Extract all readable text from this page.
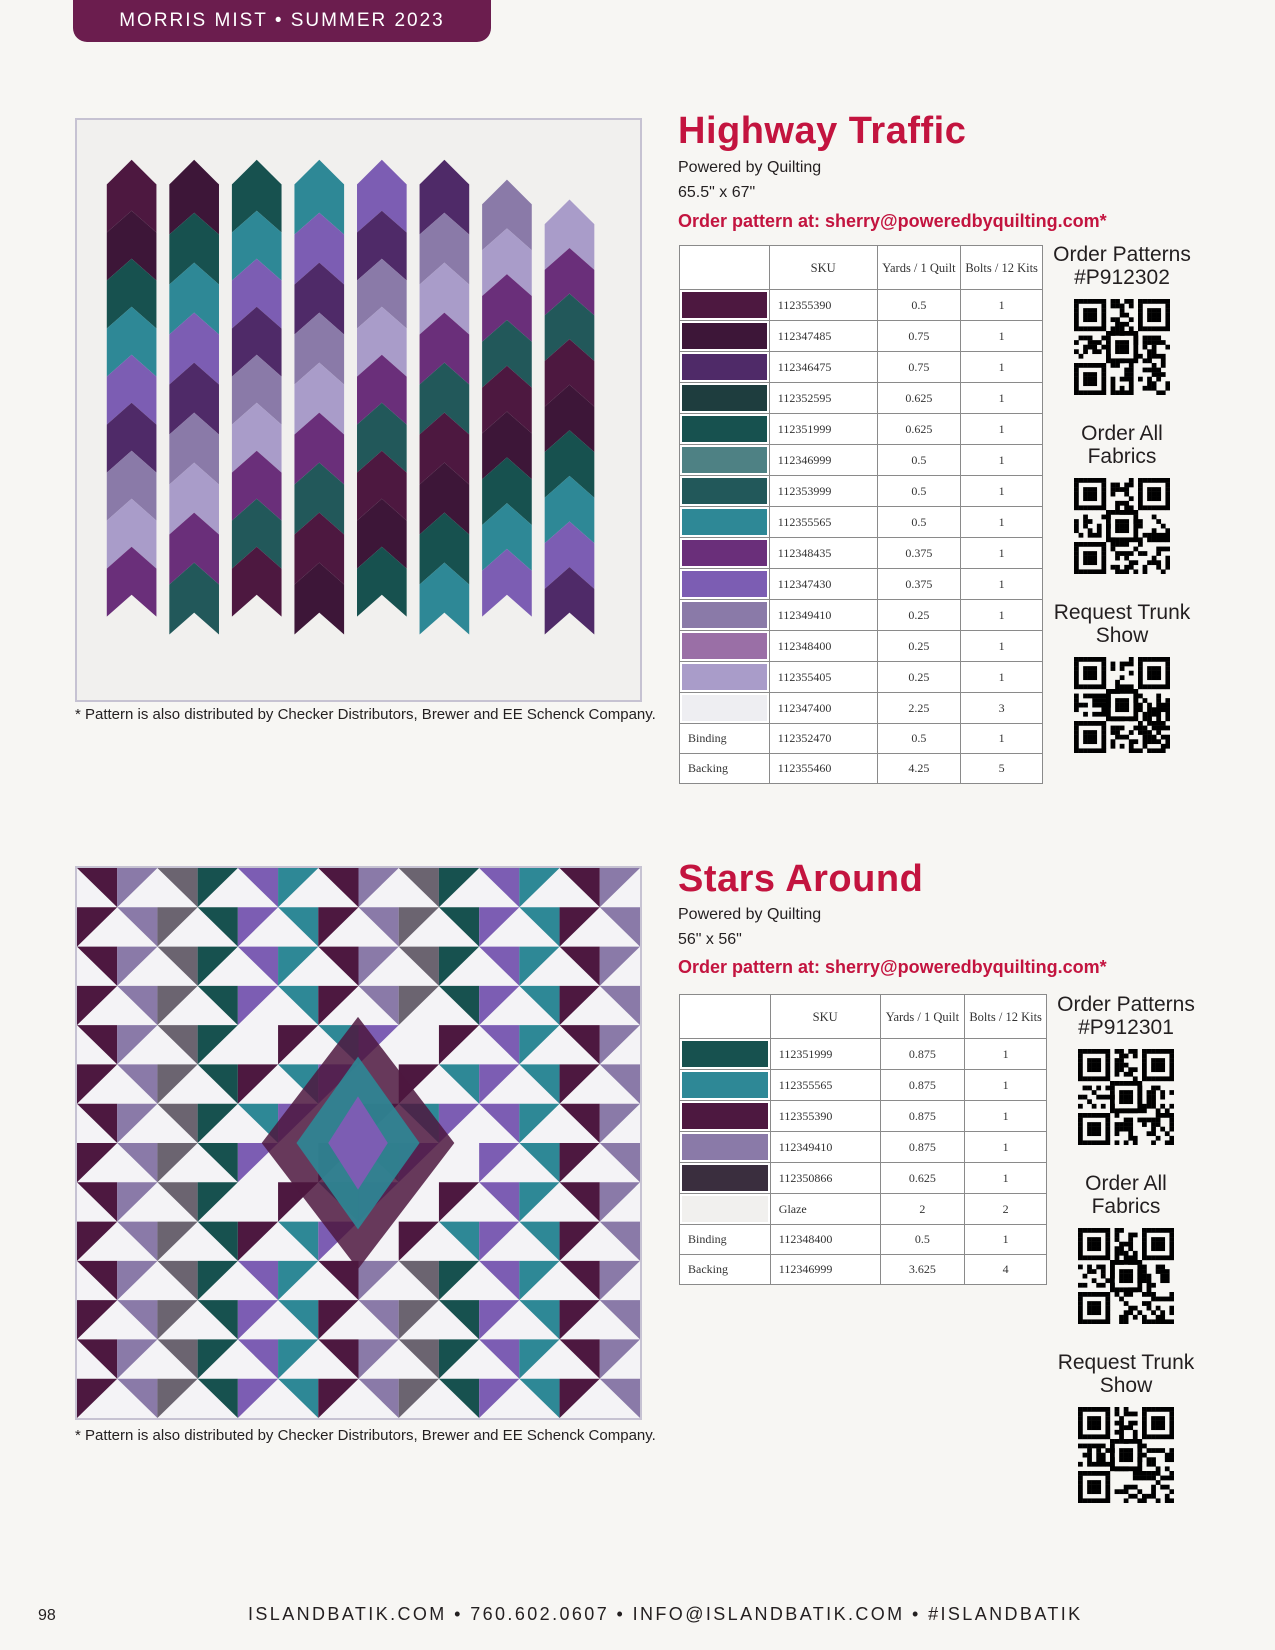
MORRIS MIST • SUMMER 2023
* Pattern is also distributed by Checker Distributors, Brewer and EE Schenck Company.
Highway Traffic
Powered by Quilting
65.5" x 67"
Order pattern at: sherry@poweredbyquilting.com*
	SKU	Yards / 1 Quilt	Bolts / 12 Kits

	112355390	0.5	1

	112347485	0.75	1

	112346475	0.75	1

	112352595	0.625	1

	112351999	0.625	1

	112346999	0.5	1

	112353999	0.5	1

	112355565	0.5	1

	112348435	0.375	1

	112347430	0.375	1

	112349410	0.25	1

	112348400	0.25	1

	112355405	0.25	1

	112347400	2.25	3
Binding	112352470	0.5	1
Backing	112355460	4.25	5
Order Patterns #P912302
Order All Fabrics
Request Trunk Show
* Pattern is also distributed by Checker Distributors, Brewer and EE Schenck Company.
Stars Around
Powered by Quilting
56" x 56"
Order pattern at: sherry@poweredbyquilting.com*
	SKU	Yards / 1 Quilt	Bolts / 12 Kits

	112351999	0.875	1

	112355565	0.875	1

	112355390	0.875	1

	112349410	0.875	1

	112350866	0.625	1

	Glaze	2	2
Binding	112348400	0.5	1
Backing	112346999	3.625	4
Order Patterns #P912301
Order All Fabrics
Request Trunk Show
98	ISLANDBATIK.COM • 760.602.0607 • INFO@ISLANDBATIK.COM • #ISLANDBATIK
